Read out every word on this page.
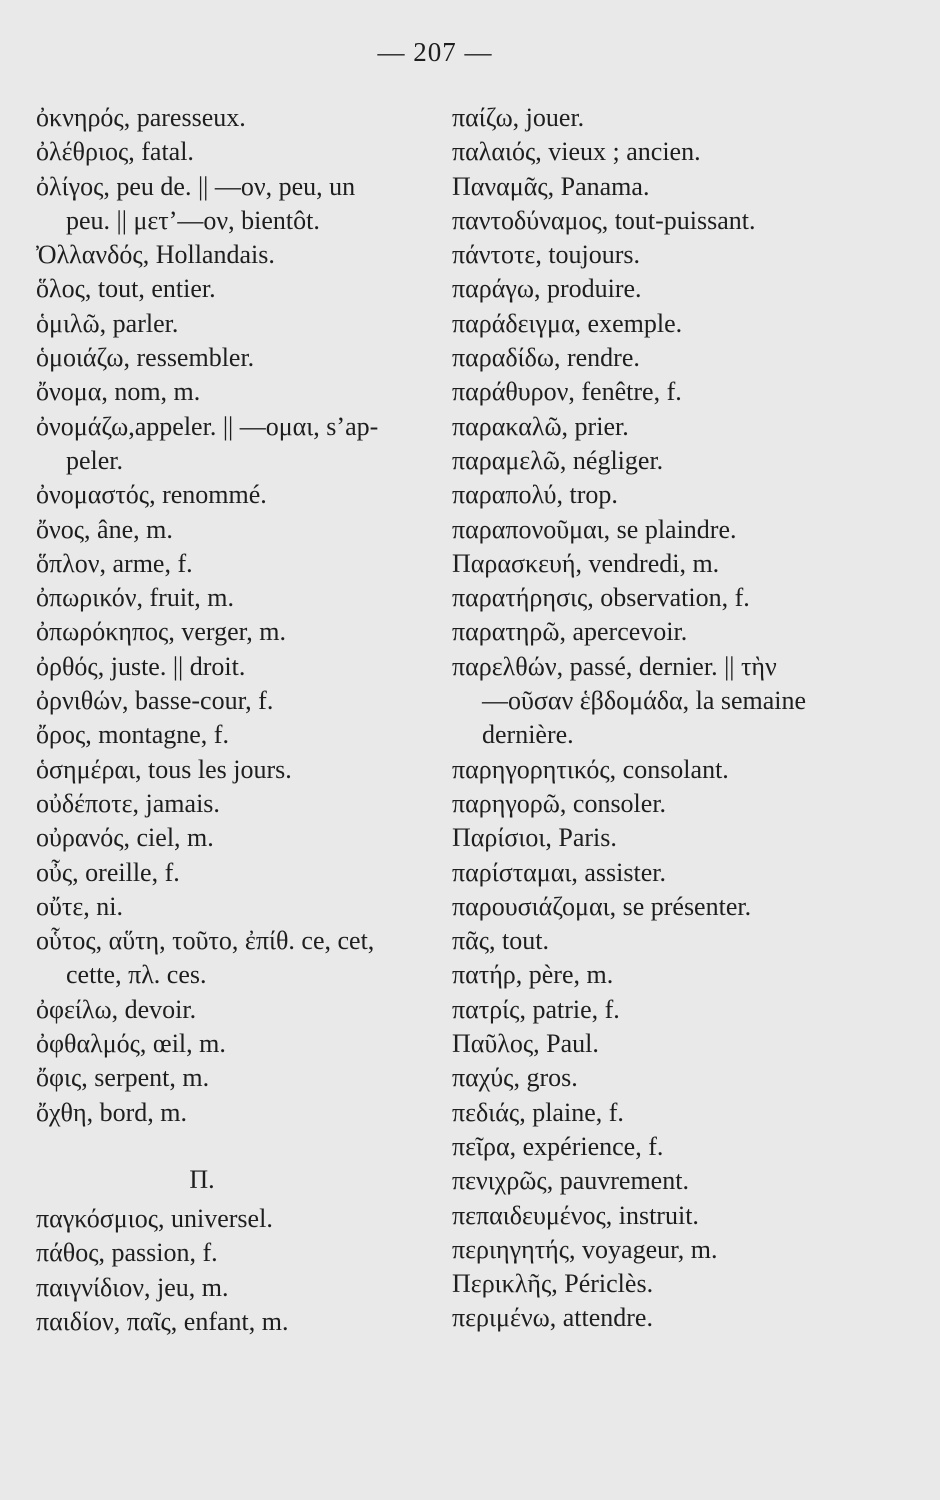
— 207 —
ὀκνηρός, paresseux.
ὀλέθριος, fatal.
ὀλίγος, peu de. || —ον, peu, un
peu. || μετ’—ον, bientôt.
Ὀλλανδός, Hollandais.
ὅλος, tout, entier.
ὁμιλῶ, parler.
ὁμοιάζω, ressembler.
ὄνομα, nom, m.
ὀνομάζω,appeler. || —ομαι, s’ap-
peler.
ὀνομαστός, renommé.
ὄνος, âne, m.
ὅπλον, arme, f.
ὀπωρικόν, fruit, m.
ὀπωρόκηπος, verger, m.
ὀρθός, juste. || droit.
ὀρνιθών, basse-cour, f.
ὄρος, montagne, f.
ὁσημέραι, tous les jours.
οὐδέποτε, jamais.
οὐρανός, ciel, m.
οὖς, oreille, f.
οὔτε, ni.
οὗτος, αὕτη, τοῦτο, ἐπίθ. ce, cet,
cette, πλ. ces.
ὀφείλω, devoir.
ὀφθαλμός, œil, m.
ὄφις, serpent, m.
ὄχθη, bord, m.
Π.
παγκόσμιος, universel.
πάθος, passion, f.
παιγνίδιον, jeu, m.
παιδίον, παῖς, enfant, m.
παίζω, jouer.
παλαιός, vieux ; ancien.
Παναμᾶς, Panama.
παντοδύναμος, tout-puissant.
πάντοτε, toujours.
παράγω, produire.
παράδειγμα, exemple.
παραδίδω, rendre.
παράθυρον, fenêtre, f.
παρακαλῶ, prier.
παραμελῶ, négliger.
παραπολύ, trop.
παραπονοῦμαι, se plaindre.
Παρασκευή, vendredi, m.
παρατήρησις, observation, f.
παρατηρῶ, apercevoir.
παρελθών, passé, dernier. || τὴν
—οῦσαν ἑβδομάδα, la semaine
dernière.
παρηγορητικός, consolant.
παρηγορῶ, consoler.
Παρίσιοι, Paris.
παρίσταμαι, assister.
παρουσιάζομαι, se présenter.
πᾶς, tout.
πατήρ, père, m.
πατρίς, patrie, f.
Παῦλος, Paul.
παχύς, gros.
πεδιάς, plaine, f.
πεῖρα, expérience, f.
πενιχρῶς, pauvrement.
πεπαιδευμένος, instruit.
περιηγητής, voyageur, m.
Περικλῆς, Périclès.
περιμένω, attendre.
